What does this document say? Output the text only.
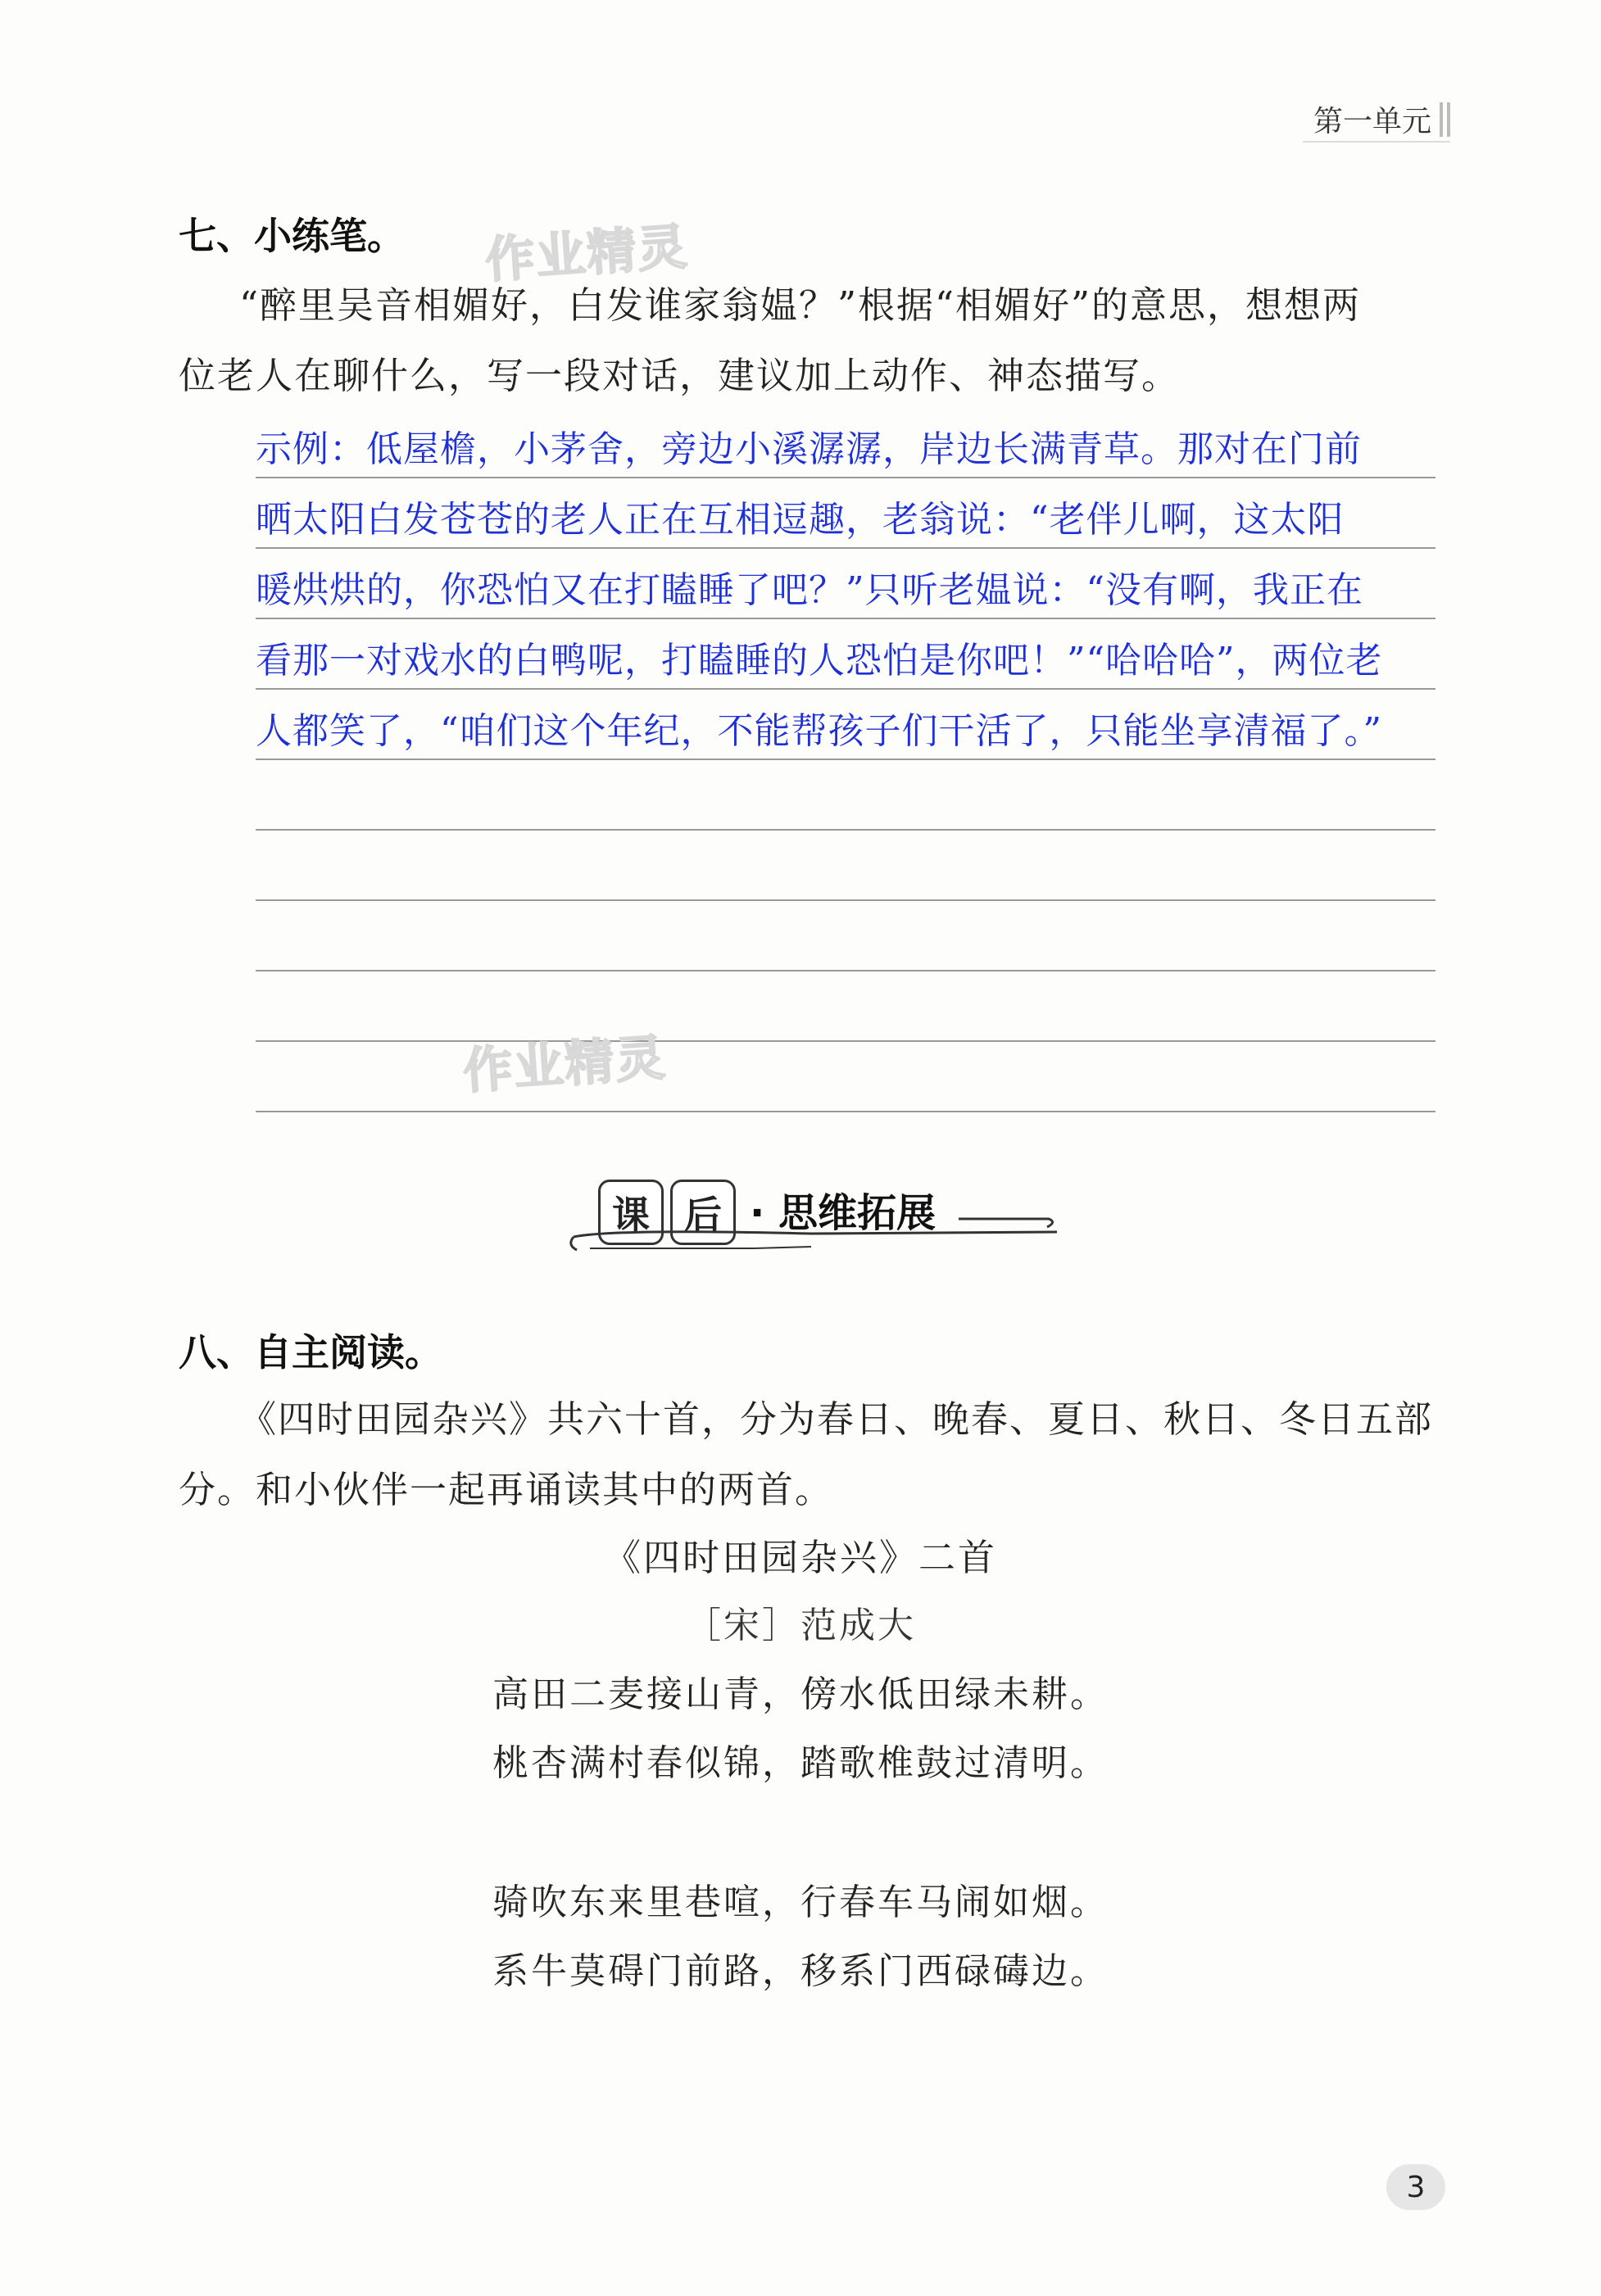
第一单元
七、小练笔。 作业精灵
“醉里吴音相媚好，白发谁家翁媪？”根据“相媚好”的意思，想想两
位老人在聊什么，写一段对话，建议加上动作、神态描写。
示例：低屋檐，小茅舍，旁边小溪潺潺，岸边长满青草。那对在门前
晒太阳白发苍苍的老人正在互相逗趣，老翁说：“老伴儿啊，这太阳
暖烘烘的，你恐怕又在打瞌睡了吧？”只听老媪说：“没有啊，我正在
看那一对戏水的白鸭呢，打瞌睡的人恐怕是你吧！”“哈哈哈”，两位老
人都笑了，“咱们这个年纪，不能帮孩子们干活了，只能坐享清福了。”
作业精灵
课 后 · 思维拓展
八、自主阅读。
《四时田园杂兴》共六十首，分为春日、晚春、夏日、秋日、冬日五部
分。和小伙伴一起再诵读其中的两首。
《四时田园杂兴》二首
［宋］范成大
高田二麦接山青，傍水低田绿未耕。
桃杏满村春似锦，踏歌椎鼓过清明。
骑吹东来里巷喧，行春车马闹如烟。
系牛莫碍门前路，移系门西碌碡边。
3
